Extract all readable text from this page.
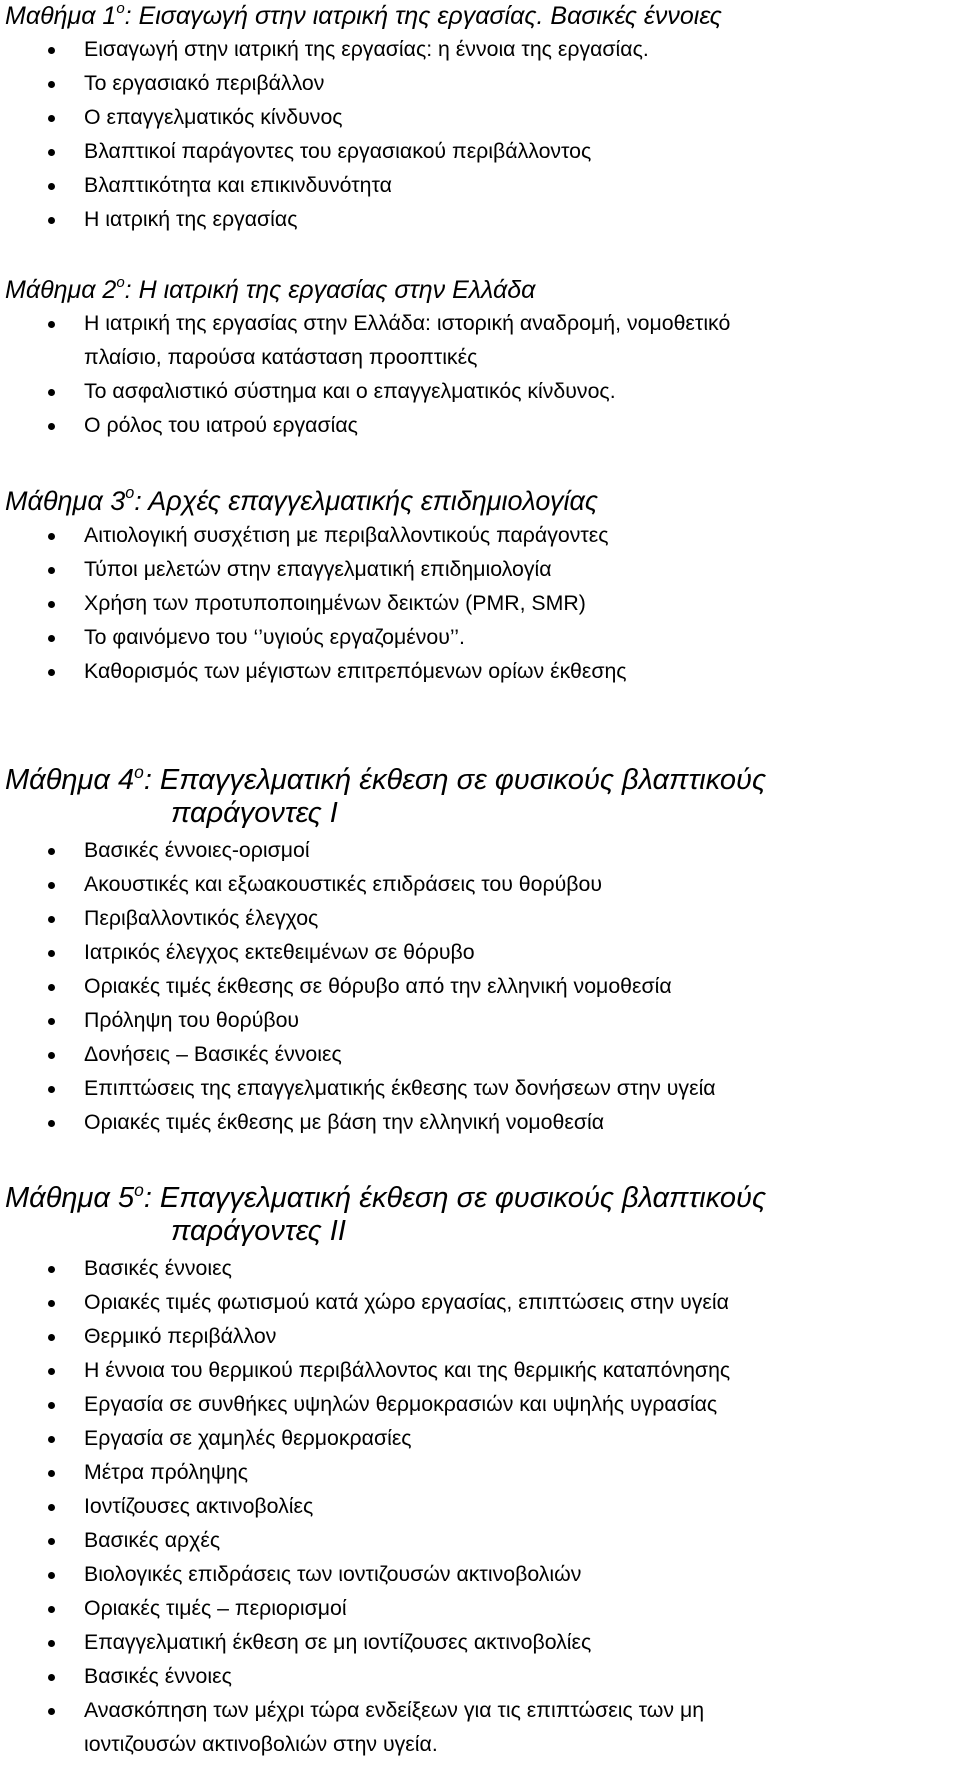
Μαθήμα $1^o$: Εισαγωγή στην ιατρική της εργασίας. Βασικές έννοιες
Εισαγωγή στην ιατρική της εργασίας: η έννοια της εργασίας.
Το εργασιακό περιβάλλον
Ο επαγγελματικός κίνδυνος
Βλαπτικοί παράγοντες του εργασιακού περιβάλλοντος
Βλαπτικότητα και επικινδυνότητα
Η ιατρική της εργασίας
Μάθημα $2^o$: Η ιατρική της εργασίας στην Ελλάδα
Η ιατρική της εργασίας στην Ελλάδα: ιστορική αναδρομή, νομοθετικό
πλαίσιο, παρούσα κατάσταση προοπτικές
Το ασφαλιστικό σύστημα και ο επαγγελματικός κίνδυνος.
Ο ρόλος του ιατρού εργασίας
Μάθημα $3^o$: Αρχές επαγγελματικής επιδημιολογίας
Αιτιολογική συσχέτιση με περιβαλλοντικούς παράγοντες
Τύποι μελετών στην επαγγελματική επιδημιολογία
Χρήση των προτυποποιημένων δεικτών (PMR, SMR)
Το φαινόμενο του ‘’υγιούς εργαζομένου’’.
Καθορισμός των μέγιστων επιτρεπόμενων ορίων έκθεσης
Μάθημα $4^o$: Επαγγελματική έκθεση σε φυσικούς βλαπτικούς
παράγοντες Ι
Βασικές έννοιες-ορισμοί
Ακουστικές και εξωακουστικές επιδράσεις του θορύβου
Περιβαλλοντικός έλεγχος
Ιατρικός έλεγχος εκτεθειμένων σε θόρυβο
Οριακές τιμές έκθεσης σε θόρυβο από την ελληνική νομοθεσία
Πρόληψη του θορύβου
Δονήσεις – Βασικές έννοιες
Επιπτώσεις της επαγγελματικής έκθεσης των δονήσεων στην υγεία
Οριακές τιμές έκθεσης με βάση την ελληνική νομοθεσία
Μάθημα $5^o$: Επαγγελματική έκθεση σε φυσικούς βλαπτικούς
παράγοντες ΙΙ
Βασικές έννοιες
Οριακές τιμές φωτισμού κατά χώρο εργασίας, επιπτώσεις στην υγεία
Θερμικό περιβάλλον
Η έννοια του θερμικού περιβάλλοντος και της θερμικής καταπόνησης
Εργασία σε συνθήκες υψηλών θερμοκρασιών και υψηλής υγρασίας
Εργασία σε χαμηλές θερμοκρασίες
Μέτρα πρόληψης
Ιοντίζουσες ακτινοβολίες
Βασικές αρχές
Βιολογικές επιδράσεις των ιοντιζουσών ακτινοβολιών
Οριακές τιμές – περιορισμοί
Επαγγελματική έκθεση σε μη ιοντίζουσες ακτινοβολίες
Βασικές έννοιες
Ανασκόπηση των μέχρι τώρα ενδείξεων για τις επιπτώσεις των μη
ιοντιζουσών ακτινοβολιών στην υγεία.
